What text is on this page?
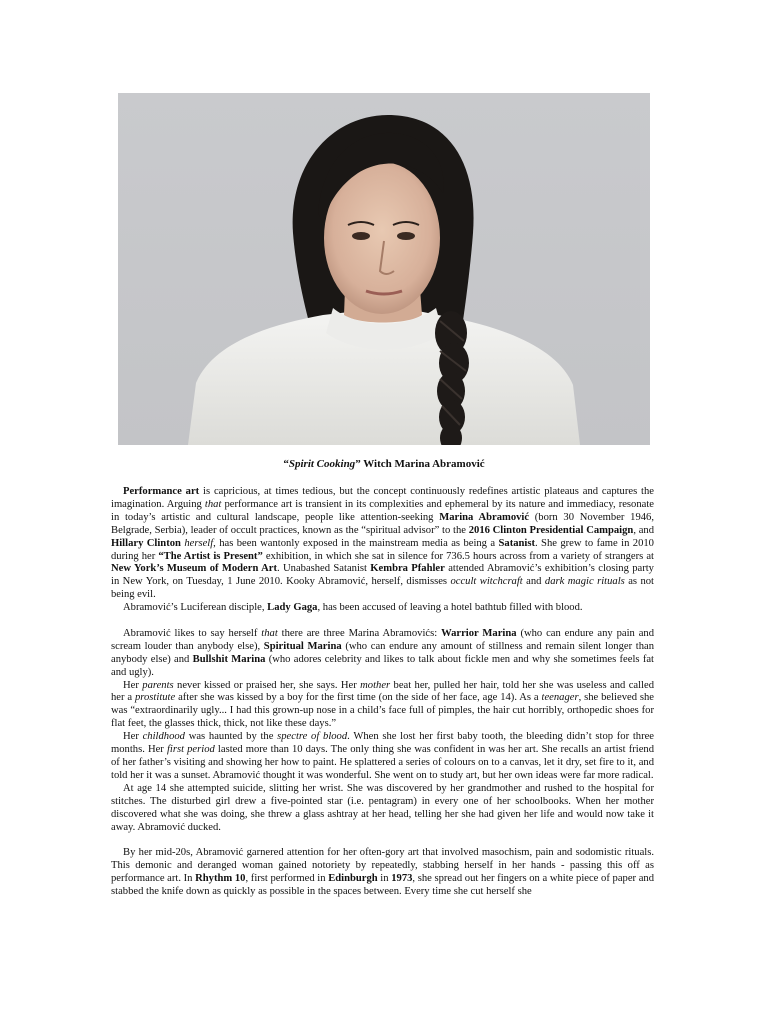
“Spirit Cooking” Witch Marina Abramović

Performance art is capricious, at times tedious, but the concept continuously redefines artistic plateaus and captures the imagination. Arguing that performance art is transient in its complexities and ephemeral by its nature and immediacy, resonate in today’s artistic and cultural landscape, people like attention-seeking Marina Abramović (born 30 November 1946, Belgrade, Serbia), leader of occult practices, known as the “spiritual advisor” to the 2016 Clinton Presidential Campaign, and Hillary Clinton herself, has been wantonly exposed in the mainstream media as being a Satanist. She grew to fame in 2010 during her “The Artist is Present” exhibition, in which she sat in silence for 736.5 hours across from a variety of strangers at New York’s Museum of Modern Art. Unabashed Satanist Kembra Pfahler attended Abramović’s exhibition’s closing party in New York, on Tuesday, 1 June 2010. Kooky Abramović, herself, dismisses occult witchcraft and dark magic rituals as not being evil.

Abramović’s Luciferean disciple, Lady Gaga, has been accused of leaving a hotel bathtub filled with blood.

Abramović likes to say herself that there are three Marina Abramovićs: Warrior Marina (who can endure any pain and scream louder than anybody else), Spiritual Marina (who can endure any amount of stillness and remain silent longer than anybody else) and Bullshit Marina (who adores celebrity and likes to talk about fickle men and why she sometimes feels fat and ugly).

Her parents never kissed or praised her, she says. Her mother beat her, pulled her hair, told her she was useless and called her a prostitute after she was kissed by a boy for the first time (on the side of her face, age 14). As a teenager, she believed she was “extraordinarily ugly... I had this grown-up nose in a child’s face full of pimples, the hair cut horribly, orthopedic shoes for flat feet, the glasses thick, thick, not like these days.”

Her childhood was haunted by the spectre of blood. When she lost her first baby tooth, the bleeding didn’t stop for three months. Her first period lasted more than 10 days. The only thing she was confident in was her art. She recalls an artist friend of her father’s visiting and showing her how to paint. He splattered a series of colours on to a canvas, let it dry, set fire to it, and told her it was a sunset. Abramović thought it was wonderful. She went on to study art, but her own ideas were far more radical.

At age 14 she attempted suicide, slitting her wrist. She was discovered by her grandmother and rushed to the hospital for stitches. The disturbed girl drew a five-pointed star (i.e. pentagram) in every one of her schoolbooks. When her mother discovered what she was doing, she threw a glass ashtray at her head, telling her she had given her life and would now take it away. Abramović ducked.

By her mid-20s, Abramović garnered attention for her often-gory art that involved masochism, pain and sodomistic rituals. This demonic and deranged woman gained notoriety by repeatedly, stabbing herself in her hands - passing this off as performance art. In Rhythm 10, first performed in Edinburgh in 1973, she spread out her fingers on a white piece of paper and stabbed the knife down as quickly as possible in the spaces between. Every time she cut herself she
